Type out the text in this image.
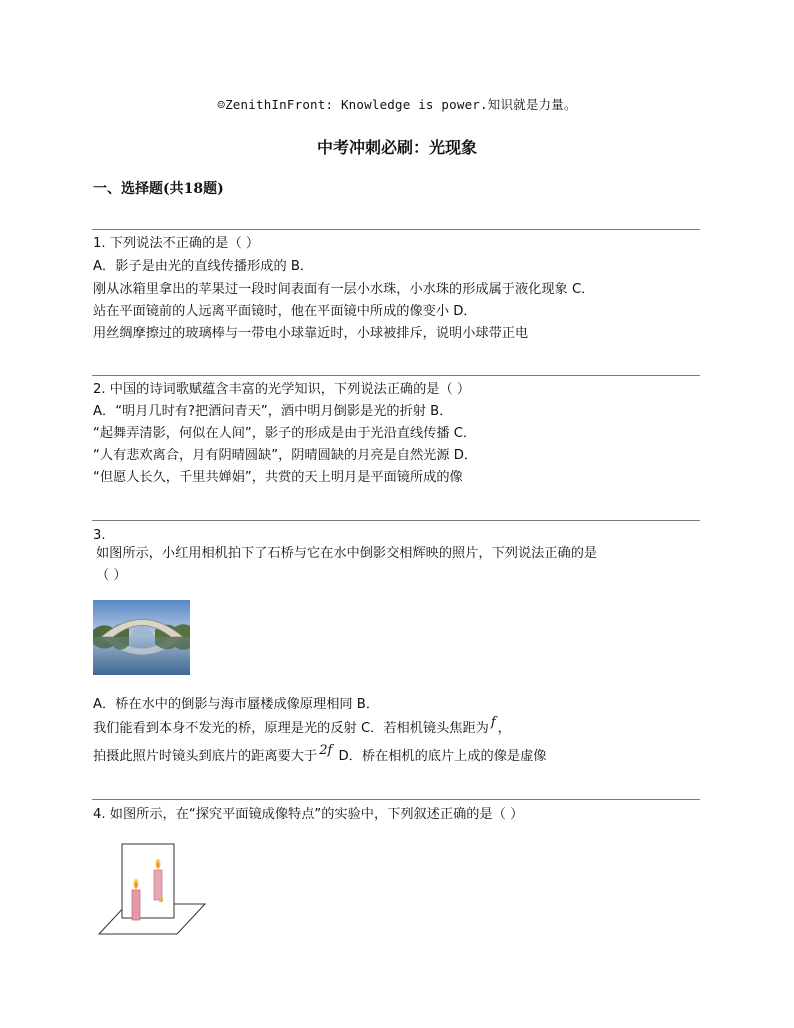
☺ZenithInFront: Knowledge is power.知识就是力量。
中考冲刺必刷：光现象
一、选择题(共18题)
1. 下列说法不正确的是（ ）
A．影子是由光的直线传播形成的 B．
刚从冰箱里拿出的苹果过一段时间表面有一层小水珠，小水珠的形成属于液化现象 C．
站在平面镜前的人远离平面镜时，他在平面镜中所成的像变小 D．
用丝绸摩擦过的玻璃棒与一带电小球靠近时，小球被排斥，说明小球带正电
2. 中国的诗词歌赋蕴含丰富的光学知识，下列说法正确的是（ ）
A．“明月几时有?把酒问青天”，酒中明月倒影是光的折射 B．
“起舞弄清影，何似在人间”，影子的形成是由于光沿直线传播 C．
“人有悲欢离合，月有阴晴圆缺”，阴晴圆缺的月亮是自然光源 D．
“但愿人长久，千里共婵娟”，共赏的天上明月是平面镜所成的像
3.
如图所示，小红用相机拍下了石桥与它在水中倒影交相辉映的照片，下列说法正确的是
（ ）
A．桥在水中的倒影与海市蜃楼成像原理相同 B．
我们能看到本身不发光的桥，原理是光的反射 C．若相机镜头焦距为 f ，
拍摄此照片时镜头到底片的距离要大于 2f D．桥在相机的底片上成的像是虚像
4. 如图所示，在“探究平面镜成像特点”的实验中，下列叙述正确的是（ ）
